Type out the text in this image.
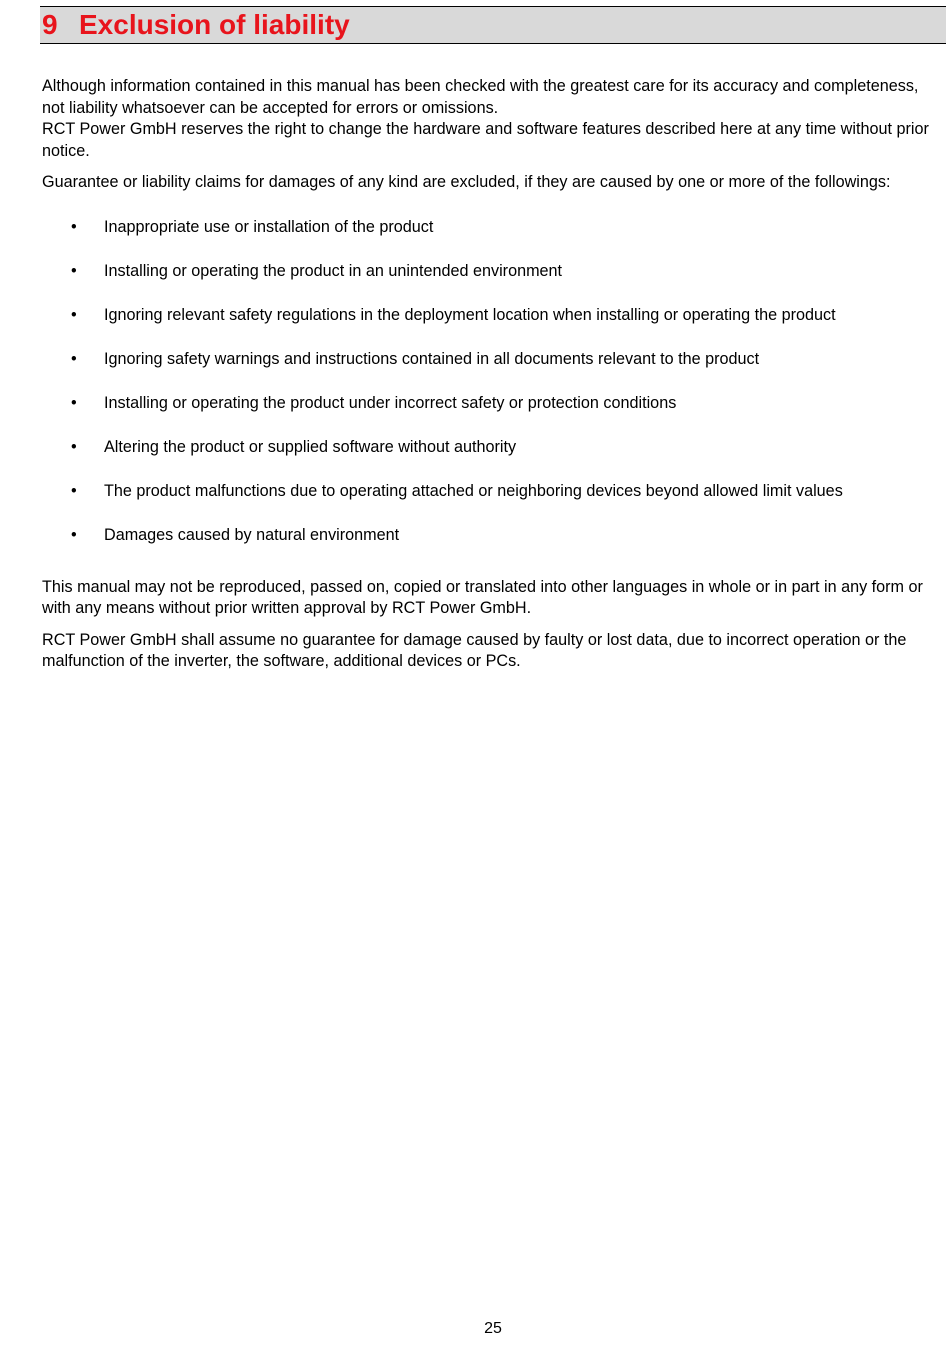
9 Exclusion of liability

Although information contained in this manual has been checked with the greatest care for its accuracy and completeness, not liability whatsoever can be accepted for errors or omissions.

RCT Power GmbH reserves the right to change the hardware and software features described here at any time without prior notice.

Guarantee or liability claims for damages of any kind are excluded, if they are caused by one or more of the followings:

• Inappropriate use or installation of the product
• Installing or operating the product in an unintended environment
• Ignoring relevant safety regulations in the deployment location when installing or operating the product
• Ignoring safety warnings and instructions contained in all documents relevant to the product
• Installing or operating the product under incorrect safety or protection conditions
• Altering the product or supplied software without authority
• The product malfunctions due to operating attached or neighboring devices beyond allowed limit values
• Damages caused by natural environment

This manual may not be reproduced, passed on, copied or translated into other languages in whole or in part in any form or with any means without prior written approval by RCT Power GmbH.

RCT Power GmbH shall assume no guarantee for damage caused by faulty or lost data, due to incorrect operation or the malfunction of the inverter, the software, additional devices or PCs.

25
